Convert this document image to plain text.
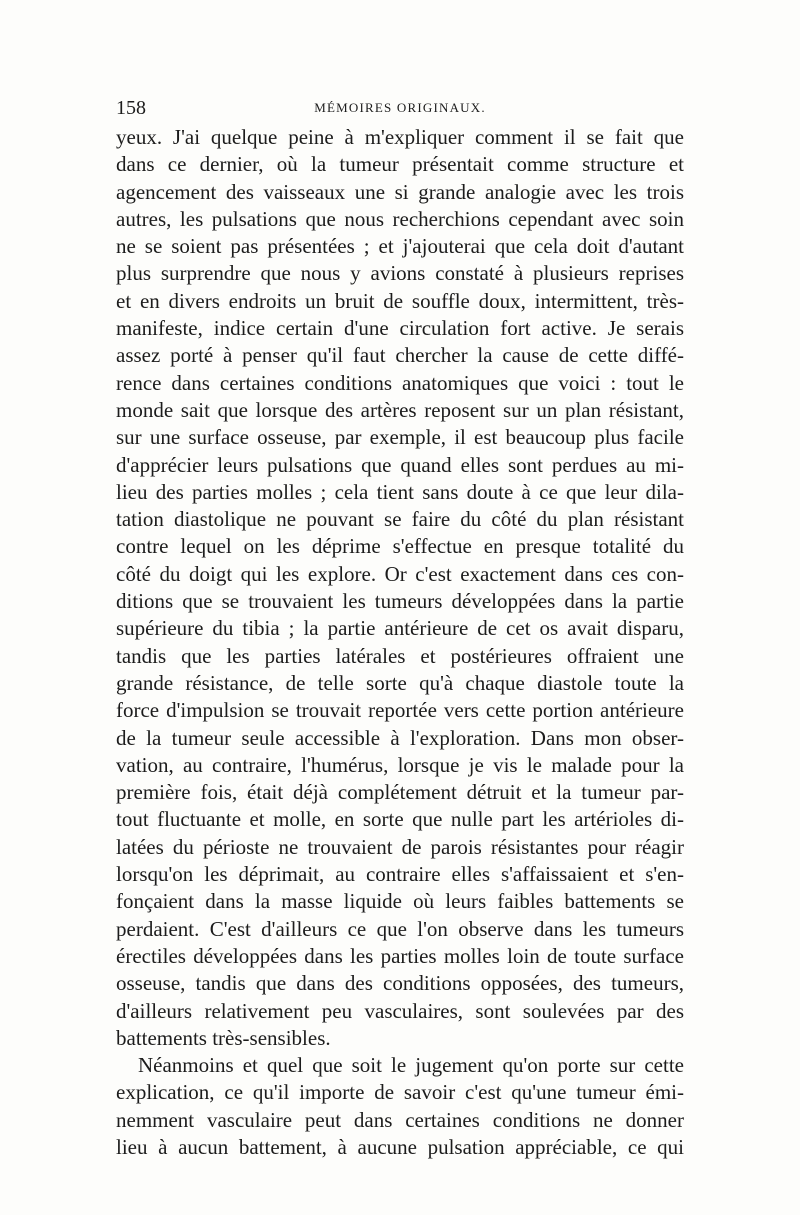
158	MÉMOIRES ORIGINAUX.
yeux. J'ai quelque peine à m'expliquer comment il se fait que
dans ce dernier, où la tumeur présentait comme structure et
agencement des vaisseaux une si grande analogie avec les trois
autres, les pulsations que nous recherchions cependant avec soin
ne se soient pas présentées ; et j'ajouterai que cela doit d'autant
plus surprendre que nous y avions constaté à plusieurs reprises
et en divers endroits un bruit de souffle doux, intermittent, très-
manifeste, indice certain d'une circulation fort active. Je serais
assez porté à penser qu'il faut chercher la cause de cette diffé-
rence dans certaines conditions anatomiques que voici : tout le
monde sait que lorsque des artères reposent sur un plan résistant,
sur une surface osseuse, par exemple, il est beaucoup plus facile
d'apprécier leurs pulsations que quand elles sont perdues au mi-
lieu des parties molles ; cela tient sans doute à ce que leur dila-
tation diastolique ne pouvant se faire du côté du plan résistant
contre lequel on les déprime s'effectue en presque totalité du
côté du doigt qui les explore. Or c'est exactement dans ces con-
ditions que se trouvaient les tumeurs développées dans la partie
supérieure du tibia ; la partie antérieure de cet os avait disparu,
tandis que les parties latérales et postérieures offraient une
grande résistance, de telle sorte qu'à chaque diastole toute la
force d'impulsion se trouvait reportée vers cette portion antérieure
de la tumeur seule accessible à l'exploration. Dans mon obser-
vation, au contraire, l'humérus, lorsque je vis le malade pour la
première fois, était déjà complétement détruit et la tumeur par-
tout fluctuante et molle, en sorte que nulle part les artérioles di-
latées du périoste ne trouvaient de parois résistantes pour réagir
lorsqu'on les déprimait, au contraire elles s'affaissaient et s'en-
fonçaient dans la masse liquide où leurs faibles battements se
perdaient. C'est d'ailleurs ce que l'on observe dans les tumeurs
érectiles développées dans les parties molles loin de toute surface
osseuse, tandis que dans des conditions opposées, des tumeurs,
d'ailleurs relativement peu vasculaires, sont soulevées par des
battements très-sensibles.
Néanmoins et quel que soit le jugement qu'on porte sur cette
explication, ce qu'il importe de savoir c'est qu'une tumeur émi-
nemment vasculaire peut dans certaines conditions ne donner
lieu à aucun battement, à aucune pulsation appréciable, ce qui
